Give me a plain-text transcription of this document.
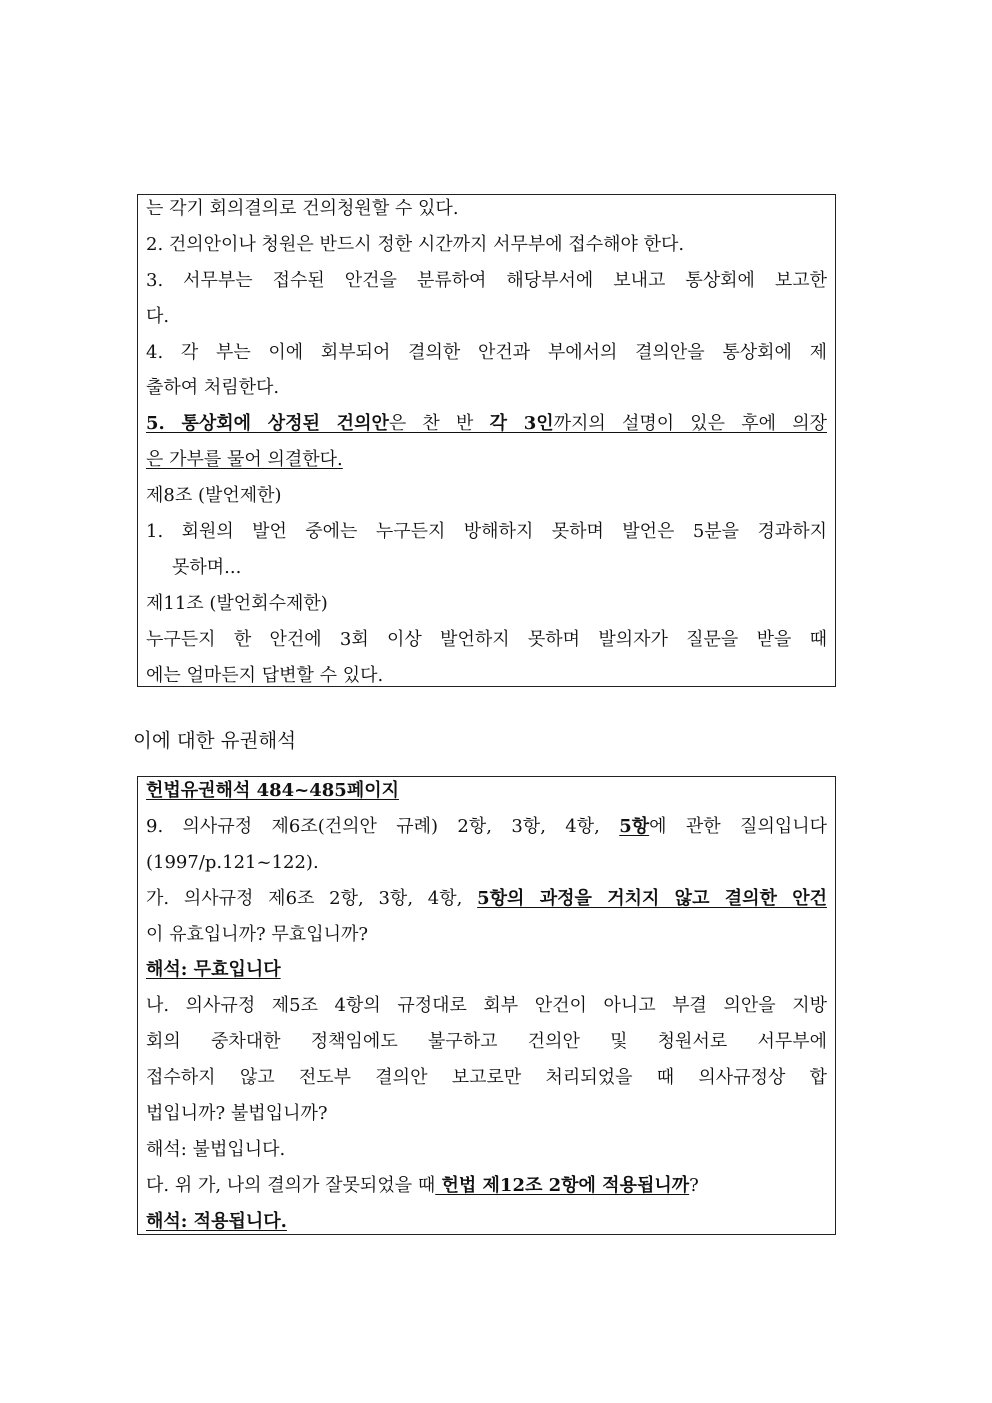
는 각기 회의결의로 건의청원할 수 있다.
2. 건의안이나 청원은 반드시 정한 시간까지 서무부에 접수해야 한다.
3. 서무부는 접수된 안건을 분류하여 해당부서에 보내고 통상회에 보고한
다.
4. 각 부는 이에 회부되어 결의한 안건과 부에서의 결의안을 통상회에 제
출하여 처림한다.
5. 통상회에 상정된 건의안은 찬 반 각 3인까지의 설명이 있은 후에 의장
은 가부를 물어 의결한다.
제8조 (발언제한)
1. 회원의 발언 중에는 누구든지 방해하지 못하며 발언은 5분을 경과하지
못하며...
제11조 (발언회수제한)
누구든지 한 안건에 3회 이상 발언하지 못하며 발의자가 질문을 받을 때
에는 얼마든지 답변할 수 있다.
이에 대한 유권해석
헌법유권해석 484~485페이지
9. 의사규정 제6조(건의안 규례) 2항, 3항, 4항, 5항에 관한 질의입니다
(1997/p.121~122).
가. 의사규정 제6조 2항, 3항, 4항, 5항의 과정을 거치지 않고 결의한 안건
이 유효입니까? 무효입니까?
해석: 무효입니다
나. 의사규정 제5조 4항의 규정대로 회부 안건이 아니고 부결 의안을 지방
회의 중차대한 정책임에도 불구하고 건의안 및 청원서로 서무부에
접수하지 않고 전도부 결의안 보고로만 처리되었을 때 의사규정상 합
법입니까? 불법입니까?
해석: 불법입니다.
다. 위 가, 나의 결의가 잘못되었을 때 헌법 제12조 2항에 적용됩니까?
해석: 적용됩니다.
